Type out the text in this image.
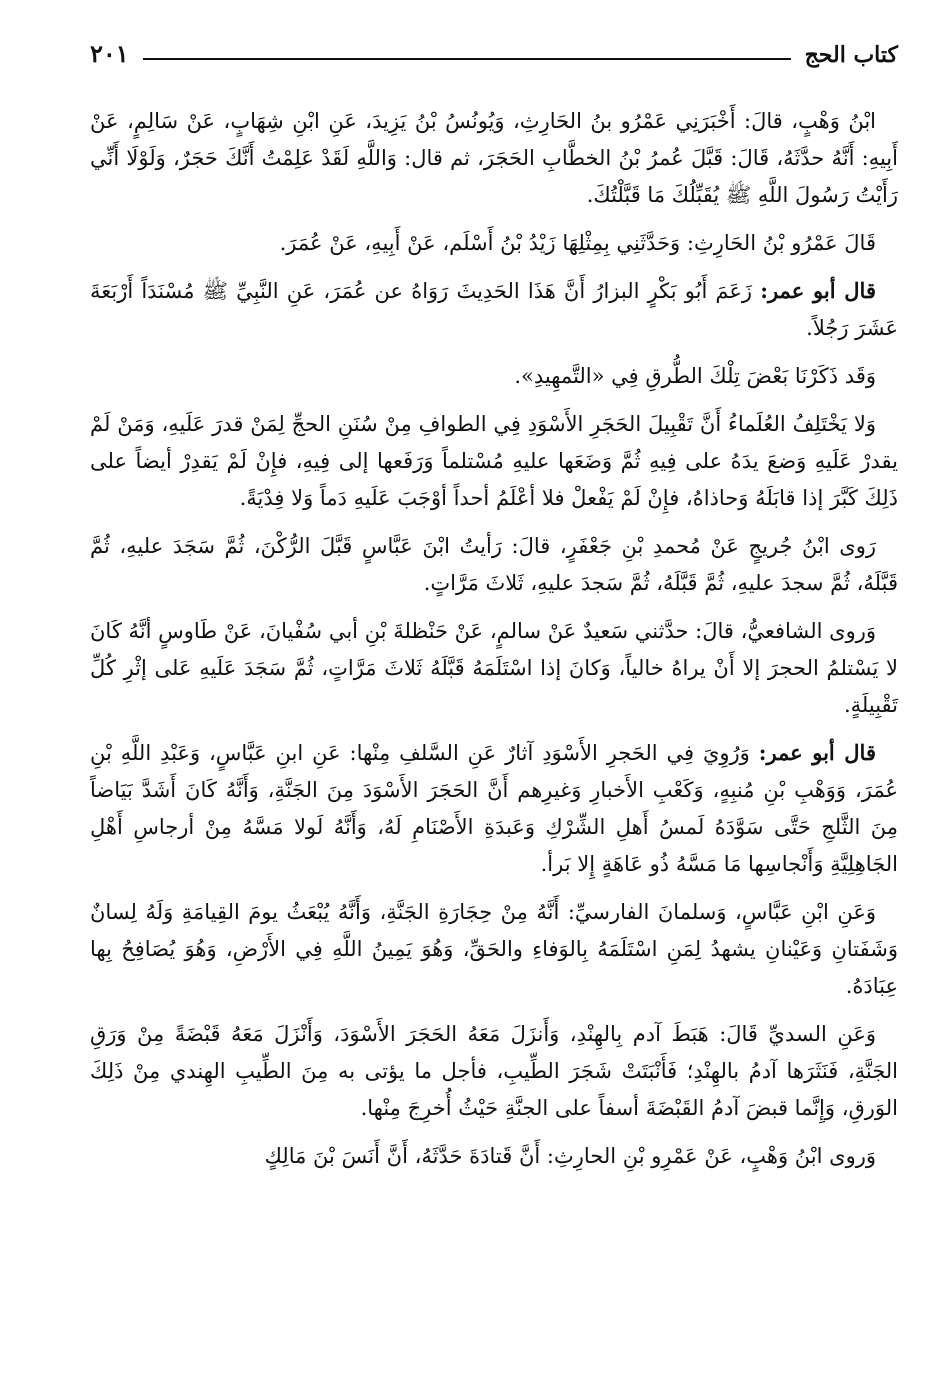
كتاب الحج
٢٠١

ابْنُ وَهْبٍ، قالَ: أَخْبَرَنِي عَمْرُو بنُ الحَارِثِ، وَيُونُسُ بْنُ يَزِيدَ، عَنِ ابْنِ شِهَابٍ، عَنْ سَالِمٍ، عَنْ أَبِيهِ: أَنَّهُ حدَّثَهُ، قَالَ: قَبَّلَ عُمرُ بْنُ الخطَّابِ الحَجَرَ، ثم قال: وَاللَّهِ لَقَدْ عَلِمْتُ أَنَّكَ حَجَرٌ، وَلَوْلَا أَنِّي رَأَيْتُ رَسُولَ اللَّهِ ﷺ يُقَبِّلُكَ مَا قَبَّلْتُكَ.

قَالَ عَمْرُو بْنُ الحَارِثِ: وَحَدَّثَنِي بِمِثْلِهَا زَيْدُ بْنُ أَسْلَم، عَنْ أَبِيهِ، عَنْ عُمَرَ.

قال أبو عمر: زَعَمَ أَبُو بَكْرٍ البزارُ أَنَّ هَذَا الحَدِيثَ رَوَاهُ عن عُمَرَ، عَنِ النَّبِيِّ ﷺ مُسْنَدَاً أَرْبَعَةَ عَشَرَ رَجُلاً.

وَقَد ذَكَرْنَا بَعْضَ تِلْكَ الطُّرقِ فِي «التَّمهِيدِ».

وَلا يَخْتَلِفُ العُلَماءُ أَنَّ تَقْبِيلَ الحَجَرِ الأَسْوَدِ فِي الطوافِ مِنْ سُنَنِ الحجِّ لِمَنْ قدرَ عَلَيهِ، وَمَنْ لَمْ يقدرْ عَلَيهِ وَضعَ يدَهُ على فِيهِ ثُمَّ وَضَعَها عليهِ مُسْتلماً وَرَفَعها إلى فِيهِ، فإِنْ لَمْ يَقدِرْ أيضاً على ذَلِكَ كَبَّرَ إذا قابَلَهُ وَحاذاهُ، فإِنْ لَمْ يَفْعلْ فلا أعْلَمُ أحداً أوْجَبَ عَلَيهِ دَماً وَلا فِدْيَةً.

رَوى ابْنُ جُريجٍ عَنْ مُحمدِ بْنِ جَعْفَرٍ، قالَ: رَأيتُ ابْنَ عَبَّاسٍ قَبَّلَ الرُّكْنَ، ثُمَّ سَجَدَ عليهِ، ثُمَّ قَبَّلَهُ، ثُمَّ سجدَ عليهِ، ثُمَّ قَبَّلَهُ، ثُمَّ سَجدَ عليهِ، ثَلاثَ مَرَّاتٍ.

وَروى الشافعيُّ، قالَ: حدَّثني سَعيدٌ عَنْ سالمٍ، عَنْ حَنْظلةَ بْنِ أبي سُفْيانَ، عَنْ طَاوسٍ أنَّهُ كَانَ لا يَسْتلمُ الحجرَ إلا أَنْ يراهُ خالياً، وَكانَ إذا اسْتَلَمَهُ قَبَّلَهُ ثَلاثَ مَرَّاتٍ، ثُمَّ سَجَدَ عَلَيهِ عَلى إثْرِ كُلِّ تَقْبِيلَةٍ.

قال أبو عمر: وَرُوِيَ فِي الحَجرِ الأَسْوَدِ آثارٌ عَنِ السَّلفِ مِنْها: عَنِ ابنِ عَبَّاسٍ، وَعَبْدِ اللَّهِ بْنِ عُمَرَ، وَوَهْبِ بْنِ مُنبِهٍ، وَكَعْبِ الأَخبارِ وَغيرِهم أَنَّ الحَجَرَ الأَسْوَدَ مِنَ الجَنَّةِ، وَأَنَّهُ كَانَ أَشَدَّ بَيَاضاً مِنَ الثَّلجِ حَتَّى سَوَّدَهُ لَمسُ أَهلِ الشِّرْكِ وَعَبدَةِ الأَصْنَامِ لَهُ، وَأَنَّهُ لَولا مَسَّهُ مِنْ أرجاسِ أَهْلِ الجَاهِلِيَّةِ وَأَنْجاسِها مَا مَسَّهُ ذُو عَاهَةٍ إِلا بَرأ.

وَعَنِ ابْنِ عَبَّاسٍ، وَسلمانَ الفارسيِّ: أَنَّهُ مِنْ حِجَارَةِ الجَنَّةِ، وَأَنَّهُ يُبْعَثُ يومَ القِيامَةِ وَلَهُ لِسانٌ وَشَفَتانِ وَعَيْنانِ يشهدُ لِمَنِ اسْتَلَمَهُ بِالوَفاءِ والحَقِّ، وَهُوَ يَمِينُ اللَّهِ فِي الأَرْضِ، وَهُوَ يُصَافِحُ بِها عِبَادَهُ.

وَعَنِ السديِّ قَالَ: هَبَطَ آدم بِالهِنْدِ، وَأَنزَلَ مَعَهُ الحَجَرَ الأَسْوَدَ، وَأَنْزَلَ مَعَهُ قَبْضَةً مِنْ وَرَقِ الجَنَّةِ، فَنَثَرَها آدمُ بالهِنْدِ؛ فَأَنْبَتَتْ شَجَرَ الطِّيبِ، فأجل ما يؤتى به مِنَ الطِّيبِ الهِندي مِنْ ذَلِكَ الوَرقِ، وَإِنَّما قبضَ آدمُ القَبْضَةَ أسفاً على الجنَّةِ حَيْثُ أُخرِجَ مِنْها.

وَروى ابْنُ وَهْبٍ، عَنْ عَمْرِو بْنِ الحارِثِ: أَنَّ قَتادَةَ حَدَّثَهُ، أَنَّ أَنَسَ بْنَ مَالِكٍ
